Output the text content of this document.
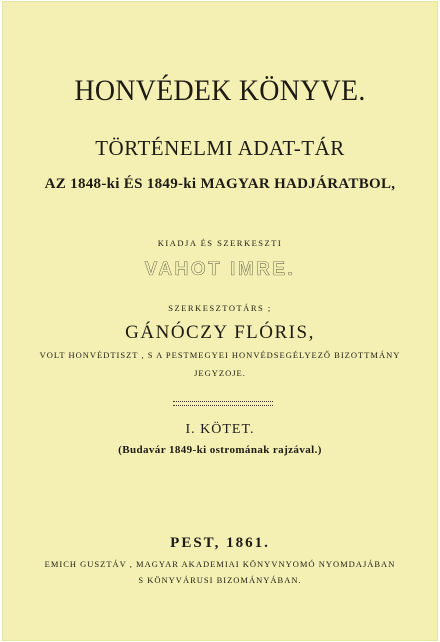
HONVÉDEK KÖNYVE.
TÖRTÉNELMI ADAT-TÁR
AZ 1848-ki ÉS 1849-ki MAGYAR HADJÁRATBOL,
KIADJA ÉS SZERKESZTI
VAHOT IMRE.
SZERKESZTOTÁRS ;
GÁNÓCZY FLÓRIS,
VOLT HONVÉDTISZT , S A PESTMEGYEI HONVÉDSEGÉLYEZŐ BIZOTTMÁNY
JEGYZOJE.
I. KÖTET.
(Budavár 1849-ki ostromának rajzával.)
PEST, 1861.
EMICH GUSZTÁV , MAGYAR AKADEMIAI KÖNYVNYOMÓ NYOMDAJÁBAN
S KÖNYVÁRUSI BIZOMÁNYÁBAN.
